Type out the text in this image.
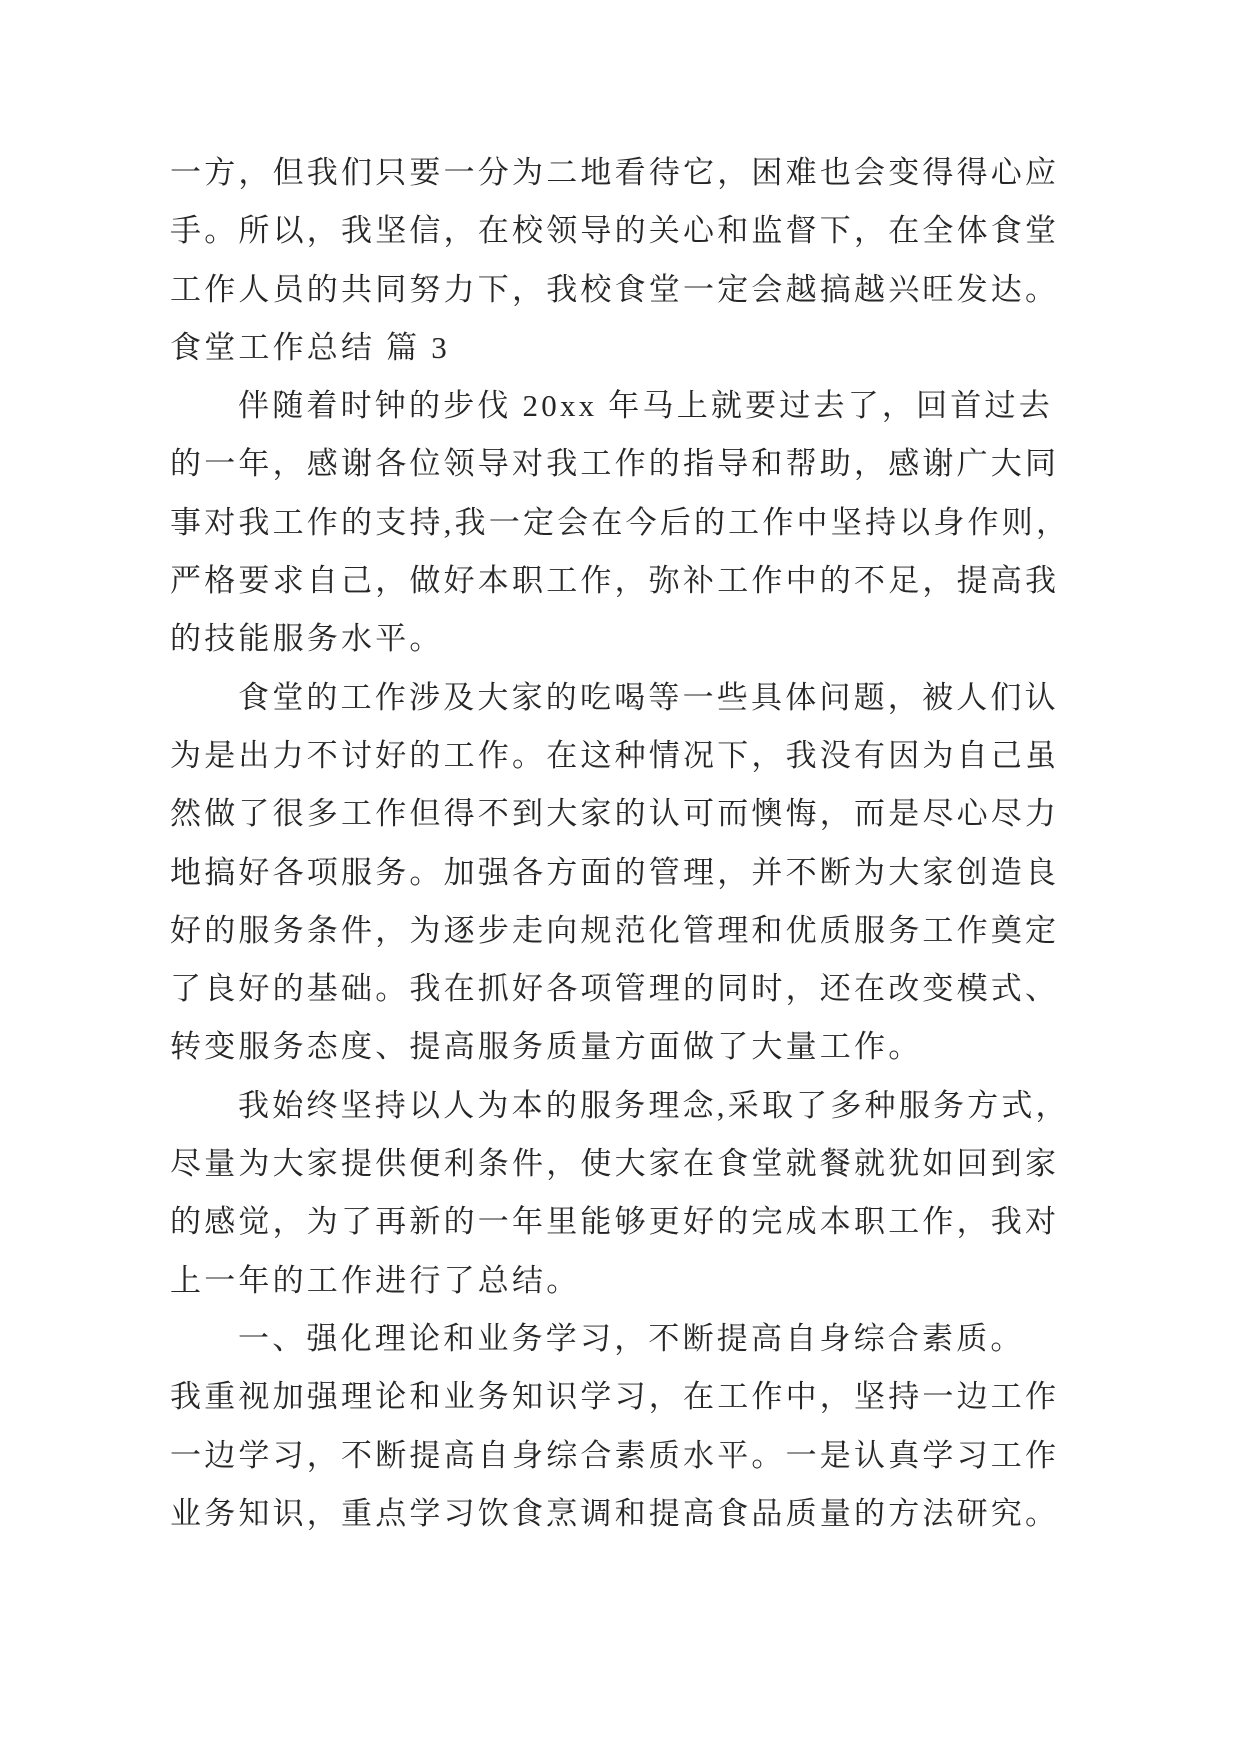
一方，但我们只要一分为二地看待它，困难也会变得得心应
手。所以，我坚信，在校领导的关心和监督下，在全体食堂
工作人员的共同努力下，我校食堂一定会越搞越兴旺发达。
食堂工作总结 篇 3
伴随着时钟的步伐 20xx 年马上就要过去了，回首过去
的一年，感谢各位领导对我工作的指导和帮助，感谢广大同
事对我工作的支持,我一定会在今后的工作中坚持以身作则，
严格要求自己，做好本职工作，弥补工作中的不足，提高我
的技能服务水平。
食堂的工作涉及大家的吃喝等一些具体问题，被人们认
为是出力不讨好的工作。在这种情况下，我没有因为自己虽
然做了很多工作但得不到大家的认可而懊悔，而是尽心尽力
地搞好各项服务。加强各方面的管理，并不断为大家创造良
好的服务条件，为逐步走向规范化管理和优质服务工作奠定
了良好的基础。我在抓好各项管理的同时，还在改变模式、
转变服务态度、提高服务质量方面做了大量工作。
我始终坚持以人为本的服务理念,采取了多种服务方式，
尽量为大家提供便利条件，使大家在食堂就餐就犹如回到家
的感觉，为了再新的一年里能够更好的完成本职工作，我对
上一年的工作进行了总结。
一、强化理论和业务学习，不断提高自身综合素质。
我重视加强理论和业务知识学习，在工作中，坚持一边工作
一边学习，不断提高自身综合素质水平。一是认真学习工作
业务知识，重点学习饮食烹调和提高食品质量的方法研究。
